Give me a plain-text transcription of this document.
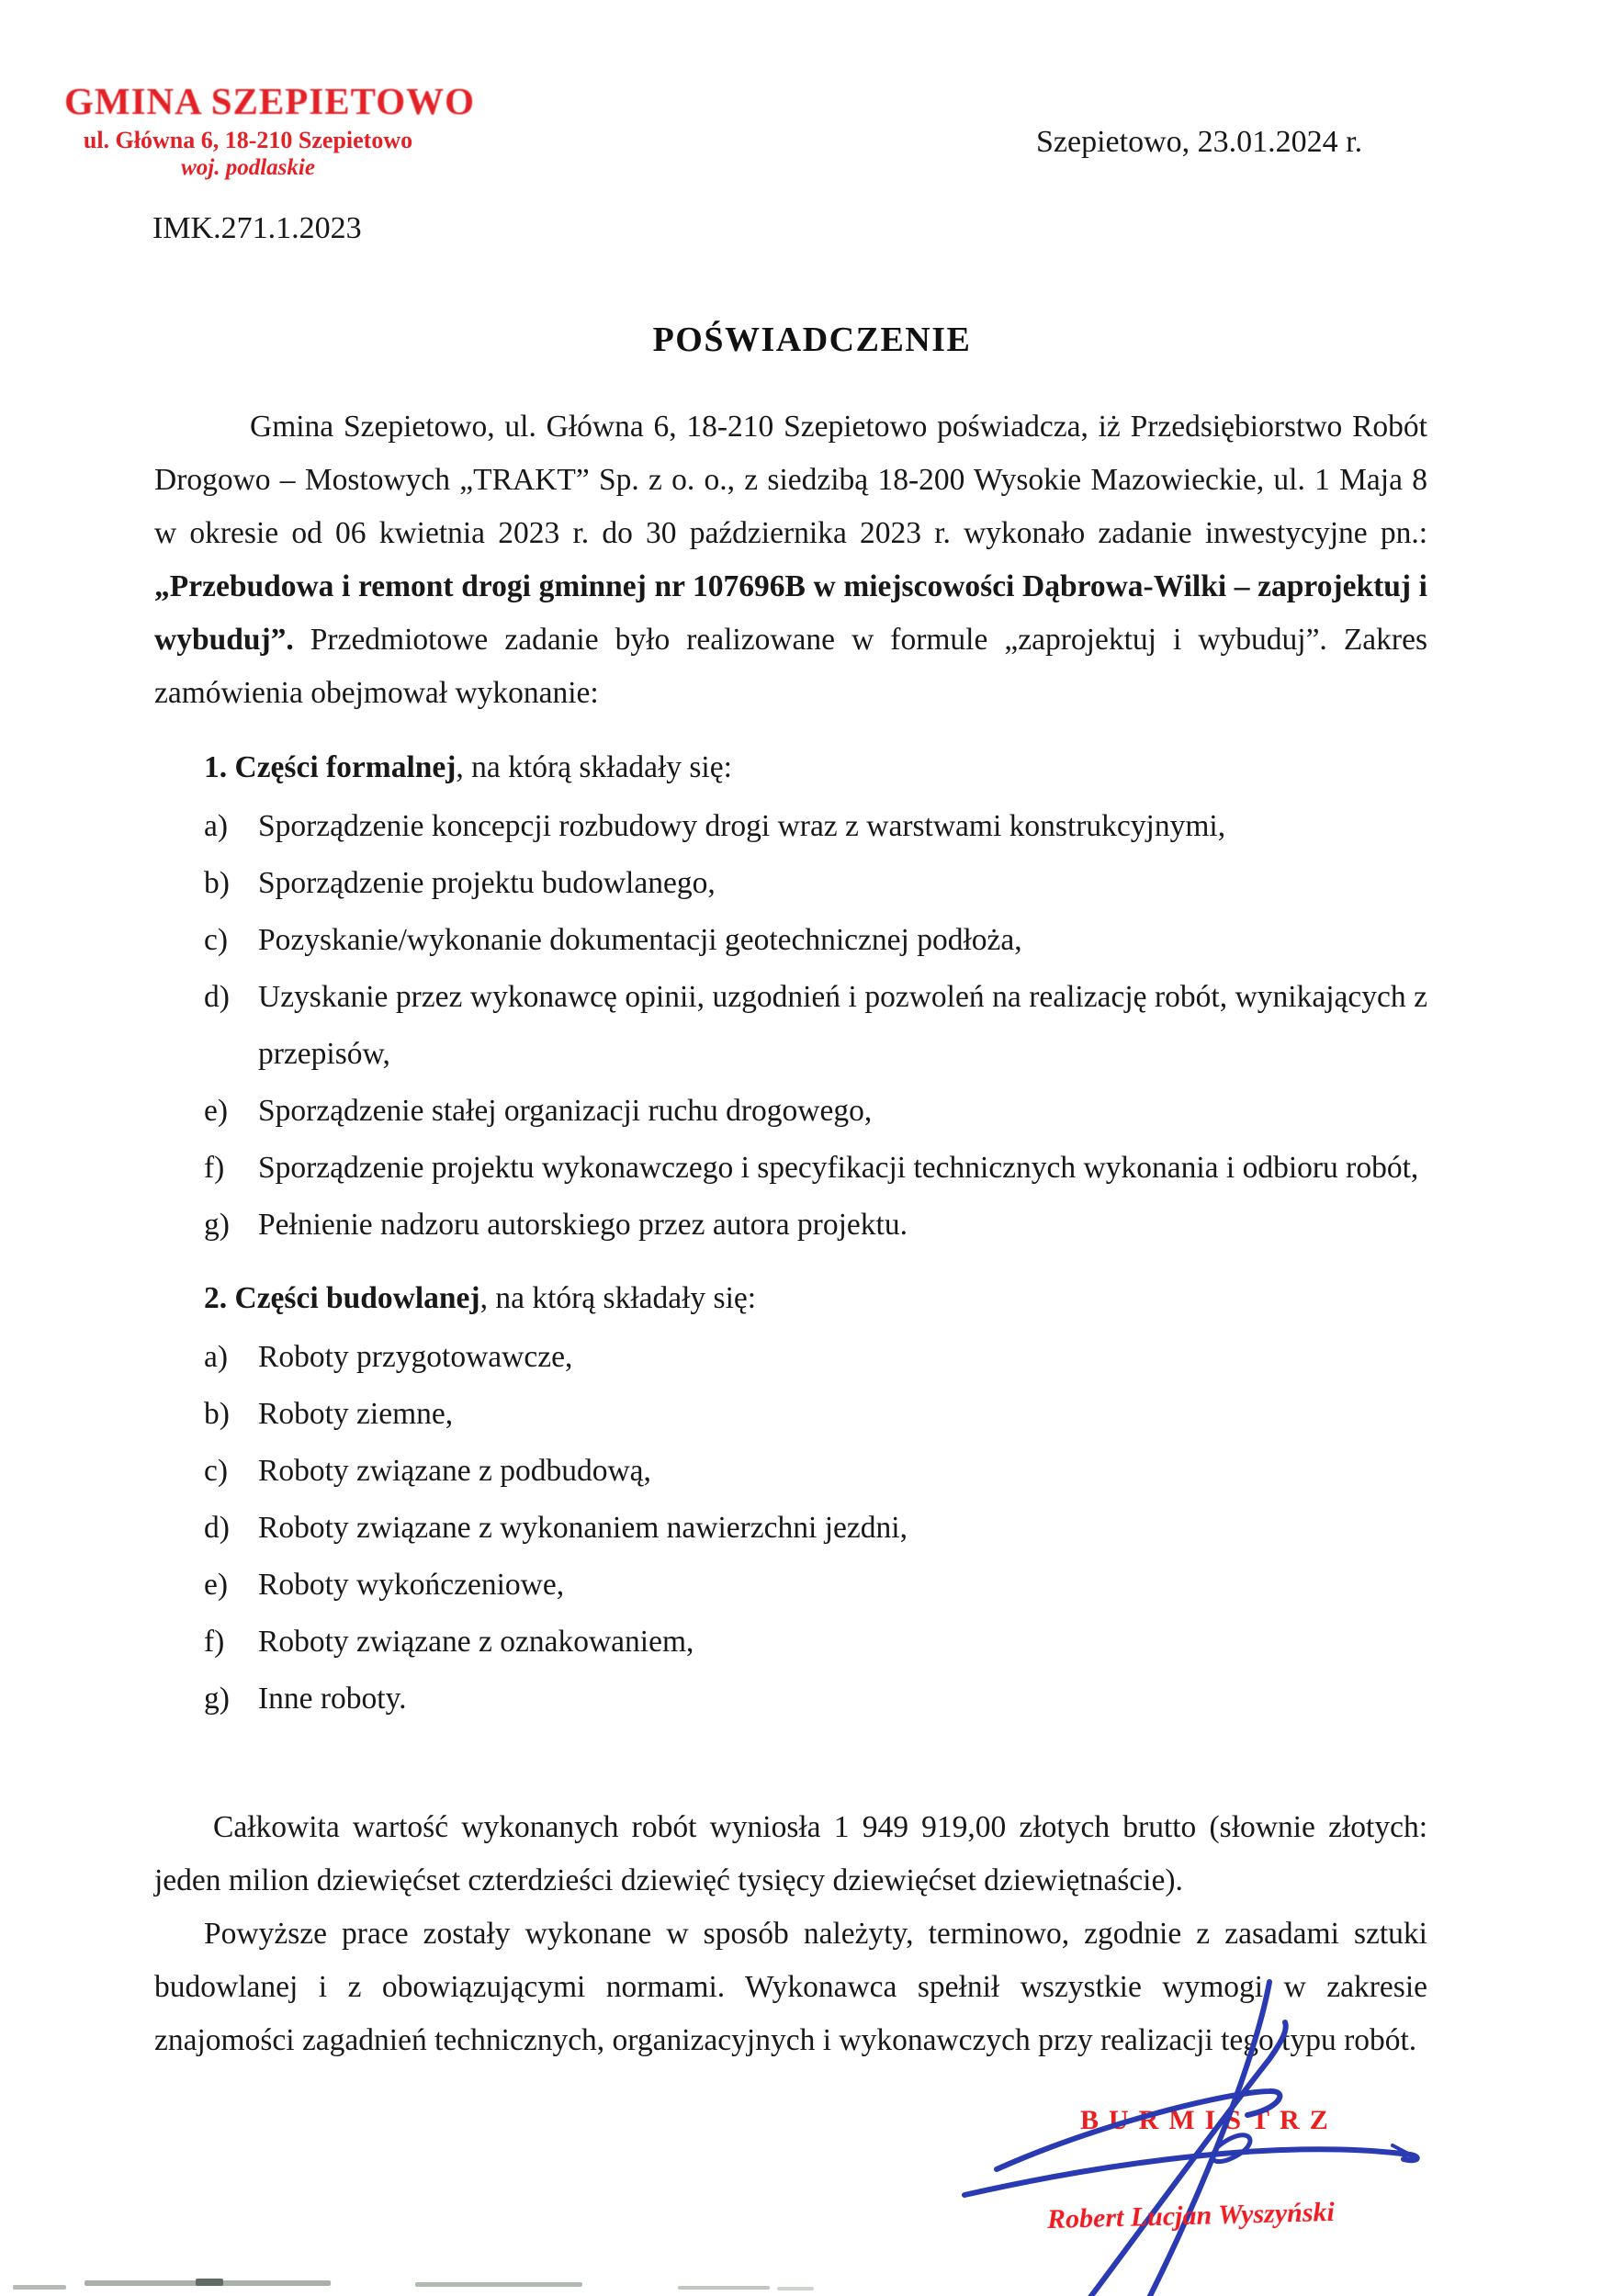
GMINA SZEPIETOWO
ul. Główna 6, 18-210 Szepietowo
woj. podlaskie
Szepietowo, 23.01.2024 r.
IMK.271.1.2023
POŚWIADCZENIE

Gmina Szepietowo, ul. Główna 6, 18-210 Szepietowo poświadcza, iż Przedsiębiorstwo Robót Drogowo – Mostowych „TRAKT” Sp. z o. o., z siedzibą 18-200 Wysokie Mazowieckie, ul. 1 Maja 8 w okresie od 06 kwietnia 2023 r. do 30 października 2023 r. wykonało zadanie inwestycyjne pn.: „Przebudowa i remont drogi gminnej nr 107696B w miejscowości Dąbrowa-Wilki – zaprojektuj i wybuduj”. Przedmiotowe zadanie było realizowane w formule „zaprojektuj i wybuduj”. Zakres zamówienia obejmował wykonanie:

1. Części formalnej, na którą składały się:

a) Sporządzenie koncepcji rozbudowy drogi wraz z warstwami konstrukcyjnymi,
b) Sporządzenie projektu budowlanego,
c) Pozyskanie/wykonanie dokumentacji geotechnicznej podłoża,
d) Uzyskanie przez wykonawcę opinii, uzgodnień i pozwoleń na realizację robót, wynikających z przepisów,
e) Sporządzenie stałej organizacji ruchu drogowego,
f)	Sporządzenie projektu wykonawczego i specyfikacji technicznych wykonania i odbioru robót,
g) Pełnienie nadzoru autorskiego przez autora projektu.

2. Części budowlanej, na którą składały się:

a) Roboty przygotowawcze,
b) Roboty ziemne,
c) Roboty związane z podbudową,
d) Roboty związane z wykonaniem nawierzchni jezdni,
e) Roboty wykończeniowe,
f)	Roboty związane z oznakowaniem,
g) Inne roboty.

Całkowita wartość wykonanych robót wyniosła 1 949 919,00 złotych brutto (słownie złotych: jeden milion dziewięćset czterdzieści dziewięć tysięcy dziewięćset dziewiętnaście).

Powyższe prace zostały wykonane w sposób należyty, terminowo, zgodnie z zasadami sztuki budowlanej i z obowiązującymi normami. Wykonawca spełnił wszystkie wymogi w zakresie znajomości zagadnień technicznych, organizacyjnych i wykonawczych przy realizacji tego typu robót.

BURMISTRZ
Robert Lucjan Wyszyński
